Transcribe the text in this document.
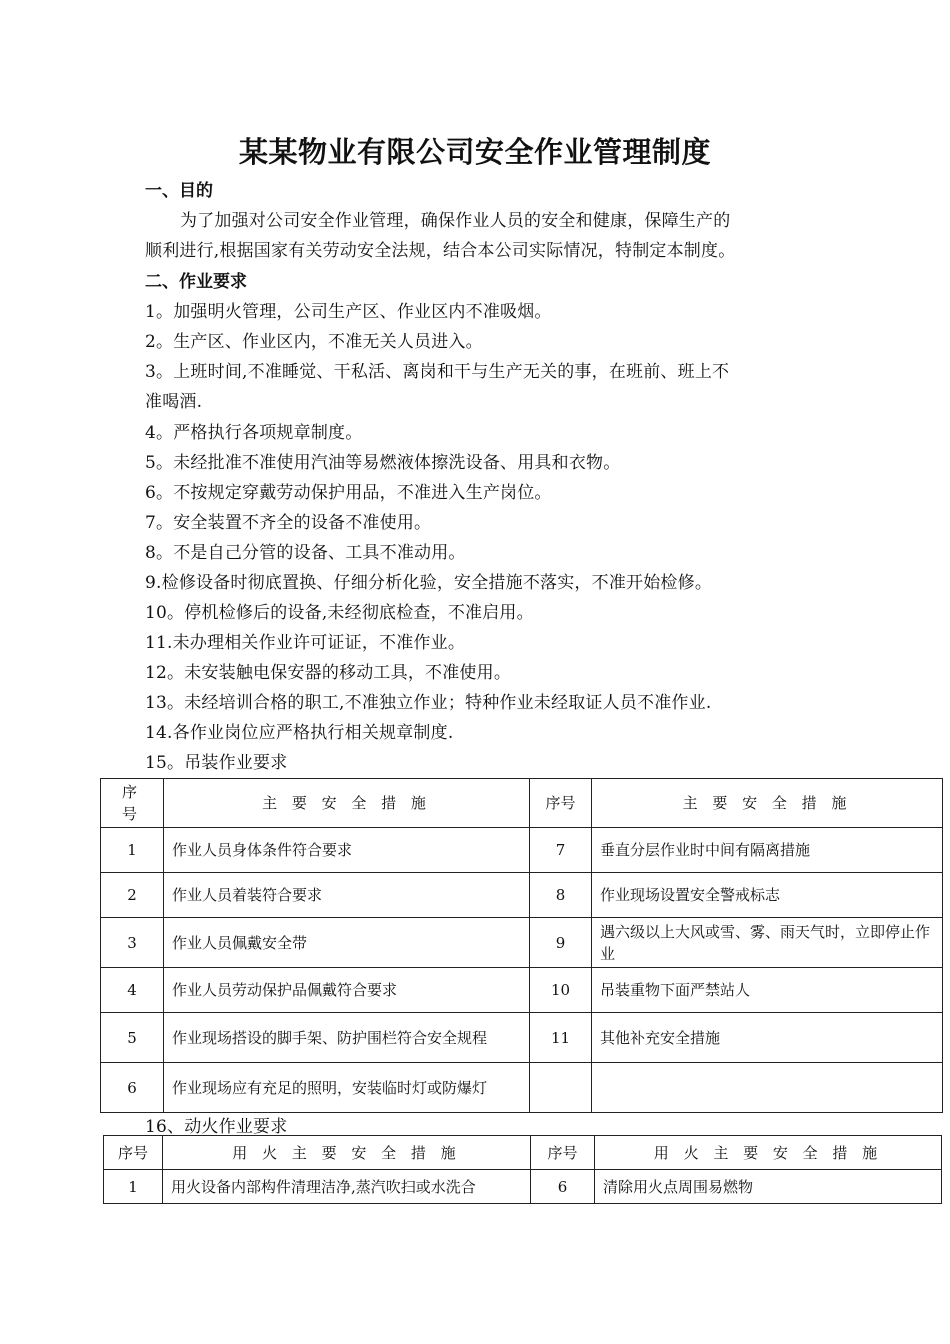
某某物业有限公司安全作业管理制度
一、目的
为了加强对公司安全作业管理，确保作业人员的安全和健康，保障生产的
顺利进行,根据国家有关劳动安全法规，结合本公司实际情况，特制定本制度。
二、作业要求
1。加强明火管理，公司生产区、作业区内不准吸烟。
2。生产区、作业区内，不准无关人员进入。
3。上班时间,不准睡觉、干私活、离岗和干与生产无关的事，在班前、班上不
准喝酒.
4。严格执行各项规章制度。
5。未经批准不准使用汽油等易燃液体擦洗设备、用具和衣物。
6。不按规定穿戴劳动保护用品，不准进入生产岗位。
7。安全装置不齐全的设备不准使用。
8。不是自己分管的设备、工具不准动用。
9.检修设备时彻底置换、仔细分析化验，安全措施不落实，不准开始检修。
10。停机检修后的设备,未经彻底检查，不准启用。
11.未办理相关作业许可证证，不准作业。
12。未安装触电保安器的移动工具，不准使用。
13。未经培训合格的职工,不准独立作业；特种作业未经取证人员不准作业.
14.各作业岗位应严格执行相关规章制度.
15。吊装作业要求
序 号	主 要 安 全 措 施	序号	主 要 安 全 措 施
1	作业人员身体条件符合要求	7	垂直分层作业时中间有隔离措施
2	作业人员着装符合要求	8	作业现场设置安全警戒标志
3	作业人员佩戴安全带	9	遇六级以上大风或雪、雾、雨天气时，立即停止作业
4	作业人员劳动保护品佩戴符合要求	10	吊装重物下面严禁站人
5	作业现场搭设的脚手架、防护围栏符合安全规程	11	其他补充安全措施
6	作业现场应有充足的照明，安装临时灯或防爆灯		
16、动火作业要求
序号	用 火 主 要 安 全 措 施	序号	用 火 主 要 安 全 措 施
1	用火设备内部构件清理洁净,蒸汽吹扫或水洗合	6	清除用火点周围易燃物
